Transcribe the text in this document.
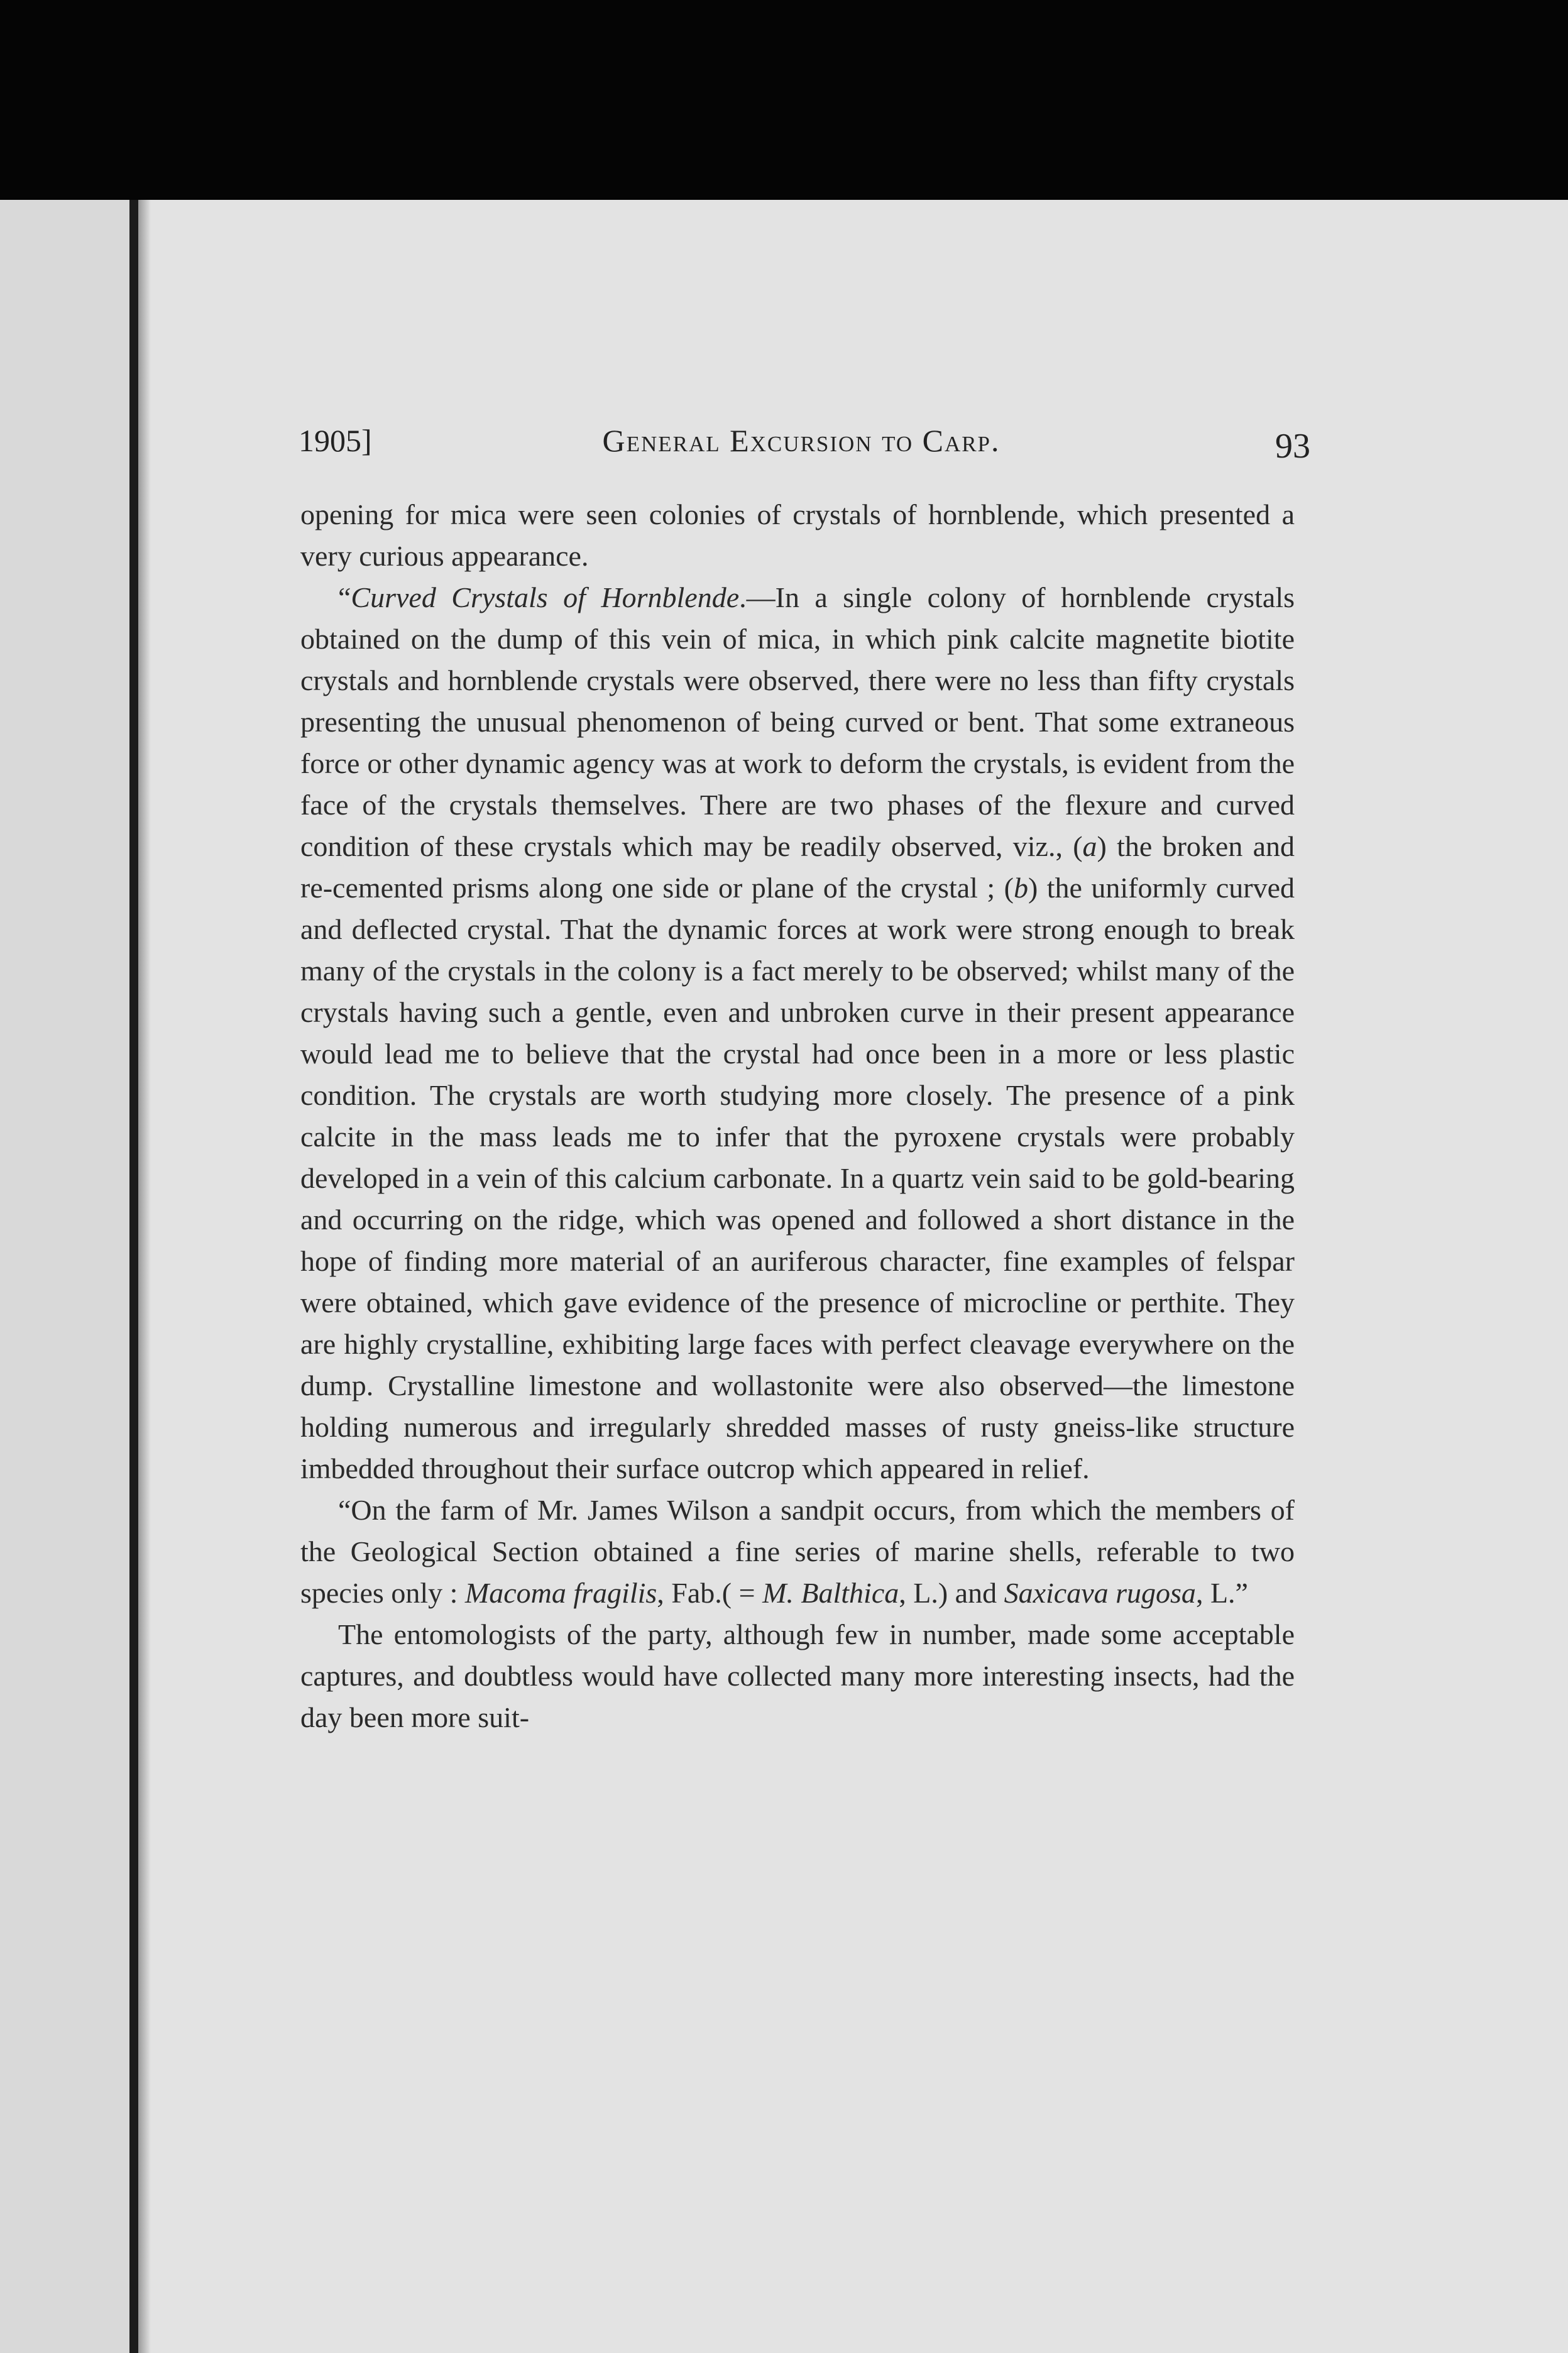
1905]	General Excursion to Carp.	93

opening for mica were seen colonies of crystals of hornblende, which presented a very curious appearance.

“Curved Crystals of Hornblende.—In a single colony of hornblende crystals obtained on the dump of this vein of mica, in which pink calcite magnetite biotite crystals and hornblende crystals were observed, there were no less than fifty crystals presenting the unusual phenomenon of being curved or bent. That some extraneous force or other dynamic agency was at work to deform the crystals, is evident from the face of the crystals themselves. There are two phases of the flexure and curved condition of these crystals which may be readily observed, viz., (a) the broken and re-cemented prisms along one side or plane of the crystal ; (b) the uniformly curved and deflected crystal. That the dynamic forces at work were strong enough to break many of the crystals in the colony is a fact merely to be observed; whilst many of the crystals having such a gentle, even and unbroken curve in their present appearance would lead me to believe that the crystal had once been in a more or less plastic condition. The crystals are worth studying more closely. The presence of a pink calcite in the mass leads me to infer that the pyroxene crystals were probably developed in a vein of this calcium carbonate. In a quartz vein said to be gold-bearing and occurring on the ridge, which was opened and followed a short distance in the hope of finding more material of an auriferous character, fine examples of felspar were obtained, which gave evidence of the presence of microcline or perthite. They are highly crystalline, exhibiting large faces with perfect cleavage everywhere on the dump. Crystalline limestone and wollastonite were also observed—the limestone holding numerous and irregularly shredded masses of rusty gneiss-like structure imbedded throughout their surface outcrop which appeared in relief.

“On the farm of Mr. James Wilson a sandpit occurs, from which the members of the Geological Section obtained a fine series of marine shells, referable to two species only : Macoma fragilis, Fab.( = M. Balthica, L.) and Saxicava rugosa, L.”

The entomologists of the party, although few in number, made some acceptable captures, and doubtless would have collected many more interesting insects, had the day been more suit-
